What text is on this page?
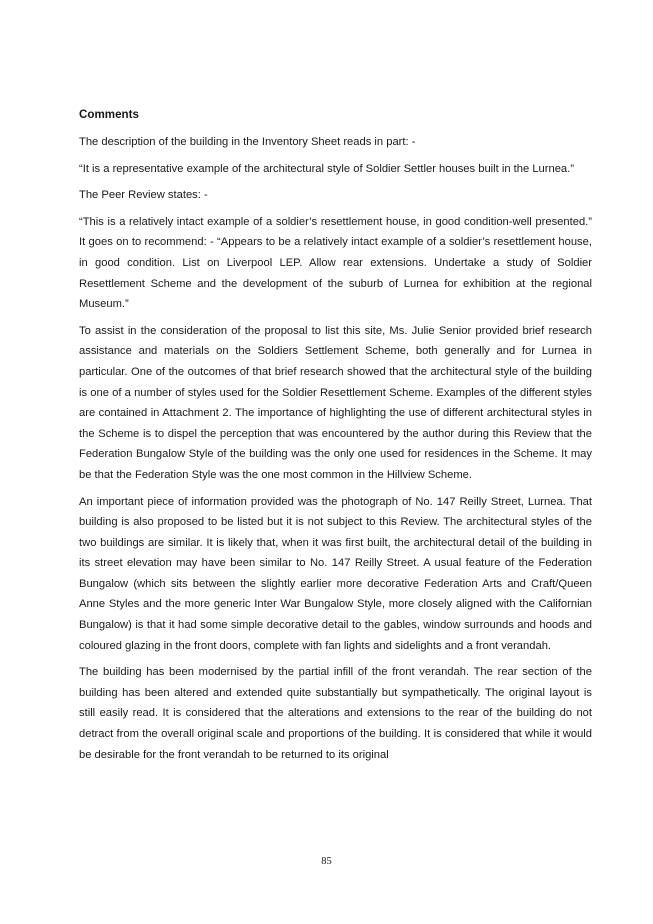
Comments

The description of the building in the Inventory Sheet reads in part: -

“It is a representative example of the architectural style of Soldier Settler houses built in the Lurnea.”

The Peer Review states: -

“This is a relatively intact example of a soldier’s resettlement house, in good condition-well presented.” It goes on to recommend: - “Appears to be a relatively intact example of a soldier’s resettlement house, in good condition. List on Liverpool LEP. Allow rear extensions. Undertake a study of Soldier Resettlement Scheme and the development of the suburb of Lurnea for exhibition at the regional Museum.”

To assist in the consideration of the proposal to list this site, Ms. Julie Senior provided brief research assistance and materials on the Soldiers Settlement Scheme, both generally and for Lurnea in particular. One of the outcomes of that brief research showed that the architectural style of the building is one of a number of styles used for the Soldier Resettlement Scheme. Examples of the different styles are contained in Attachment 2. The importance of highlighting the use of different architectural styles in the Scheme is to dispel the perception that was encountered by the author during this Review that the Federation Bungalow Style of the building was the only one used for residences in the Scheme. It may be that the Federation Style was the one most common in the Hillview Scheme.

An important piece of information provided was the photograph of No. 147 Reilly Street, Lurnea. That building is also proposed to be listed but it is not subject to this Review. The architectural styles of the two buildings are similar. It is likely that, when it was first built, the architectural detail of the building in its street elevation may have been similar to No. 147 Reilly Street. A usual feature of the Federation Bungalow (which sits between the slightly earlier more decorative Federation Arts and Craft/Queen Anne Styles and the more generic Inter War Bungalow Style, more closely aligned with the Californian Bungalow) is that it had some simple decorative detail to the gables, window surrounds and hoods and coloured glazing in the front doors, complete with fan lights and sidelights and a front verandah.

The building has been modernised by the partial infill of the front verandah. The rear section of the building has been altered and extended quite substantially but sympathetically. The original layout is still easily read. It is considered that the alterations and extensions to the rear of the building do not detract from the overall original scale and proportions of the building. It is considered that while it would be desirable for the front verandah to be returned to its original

85
